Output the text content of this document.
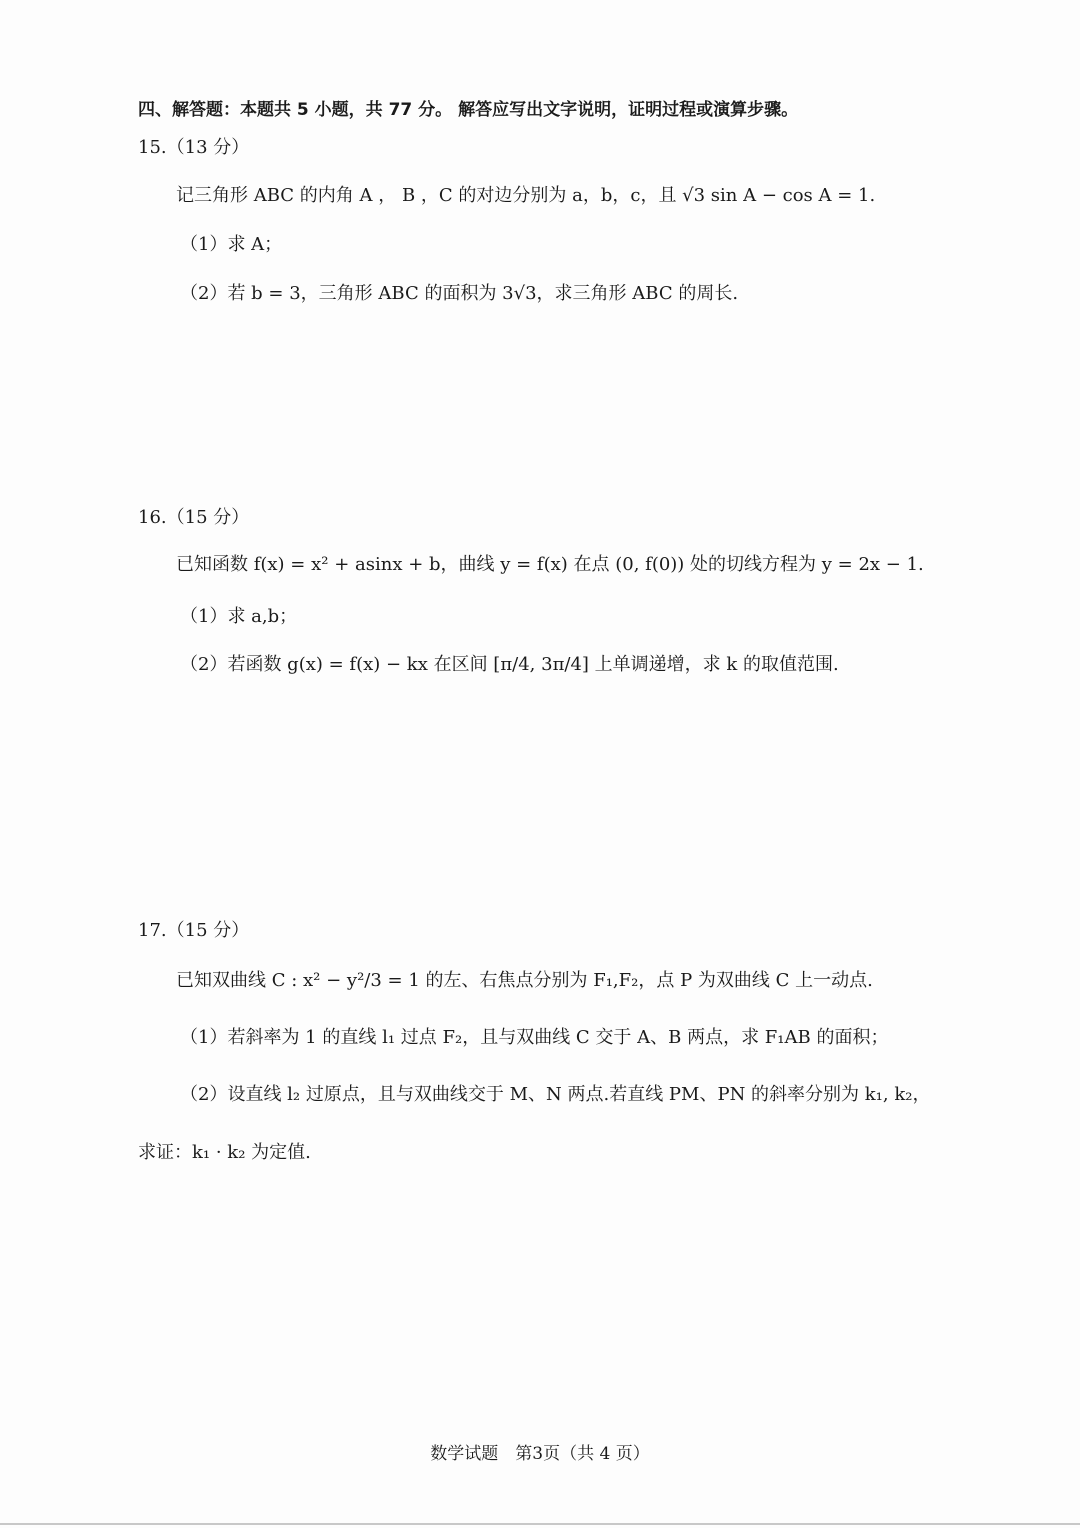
四、解答题：本题共 5 小题，共 77 分。 解答应写出文字说明，证明过程或演算步骤。
15.（13 分）
记三角形 ABC 的内角 A ， B ，C 的对边分别为 a，b，c，且 √3 sin A − cos A = 1.
（1）求 A；
（2）若 b = 3，三角形 ABC 的面积为 3√3，求三角形 ABC 的周长.
16.（15 分）
已知函数 f(x) = x² + asinx + b，曲线 y = f(x) 在点 (0, f(0)) 处的切线方程为 y = 2x − 1.
（1）求 a,b；
（2）若函数 g(x) = f(x) − kx 在区间 [π/4, 3π/4] 上单调递增，求 k 的取值范围.
17.（15 分）
已知双曲线 C : x² − y²/3 = 1 的左、右焦点分别为 F₁,F₂，点 P 为双曲线 C 上一动点.
（1）若斜率为 1 的直线 l₁ 过点 F₂，且与双曲线 C 交于 A、B 两点，求 F₁AB 的面积；
（2）设直线 l₂ 过原点，且与双曲线交于 M、N 两点.若直线 PM、PN 的斜率分别为 k₁, k₂，
求证：k₁ · k₂ 为定值.
数学试题　第3页（共 4 页）
